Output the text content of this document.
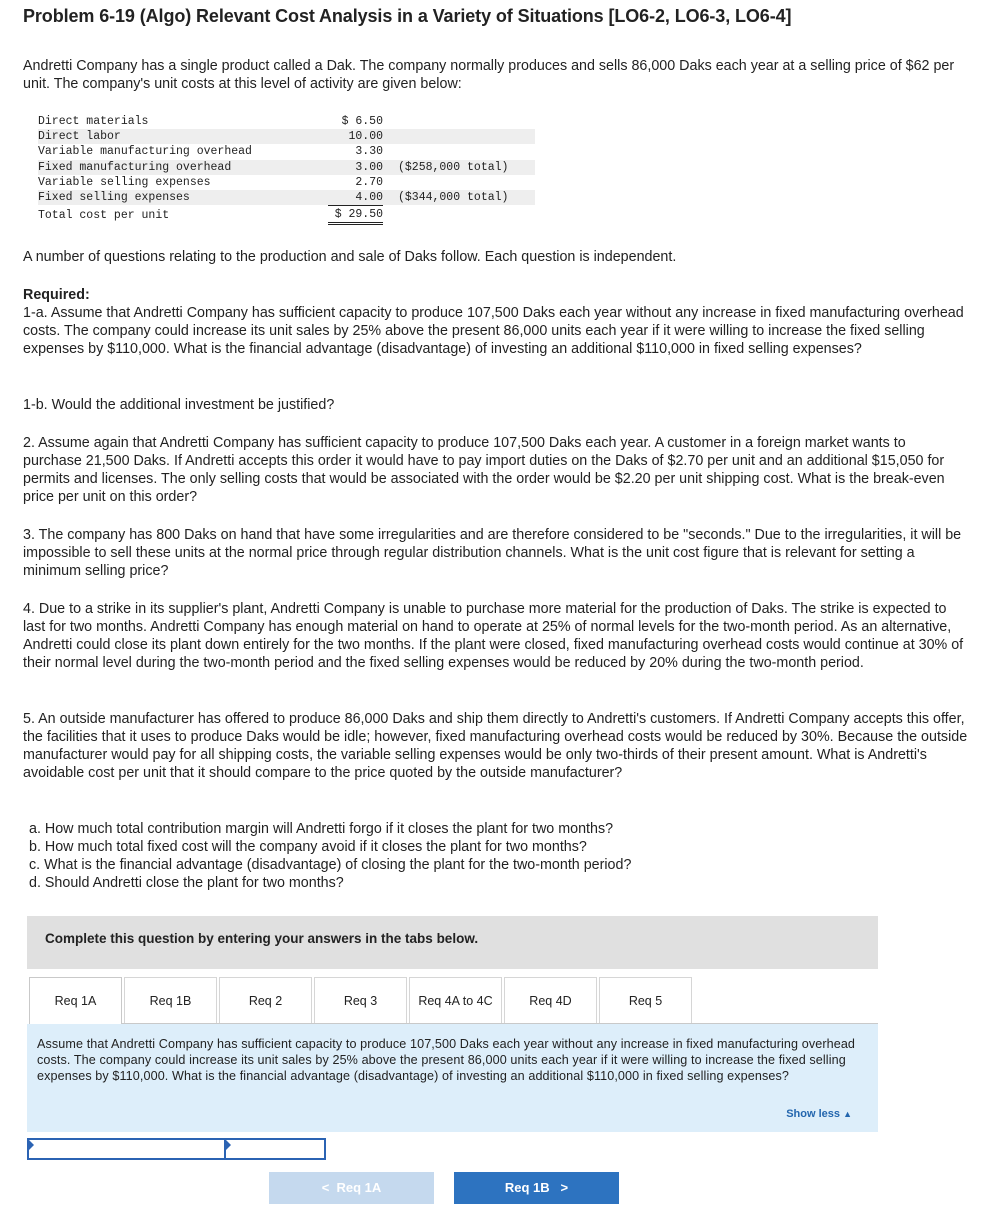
Problem 6-19 (Algo) Relevant Cost Analysis in a Variety of Situations [LO6-2, LO6-3, LO6-4]

Andretti Company has a single product called a Dak. The company normally produces and sells 86,000 Daks each year at a selling price of $62 per unit. The company's unit costs at this level of activity are given below:

Direct materials	$ 6.50
Direct labor	10.00
Variable manufacturing overhead	3.30
Fixed manufacturing overhead	3.00 ($258,000 total)
Variable selling expenses	2.70
Fixed selling expenses	4.00 ($344,000 total)
Total cost per unit	$ 29.50

A number of questions relating to the production and sale of Daks follow. Each question is independent.

Required:

1-a. Assume that Andretti Company has sufficient capacity to produce 107,500 Daks each year without any increase in fixed manufacturing overhead costs. The company could increase its unit sales by 25% above the present 86,000 units each year if it were willing to increase the fixed selling expenses by $110,000. What is the financial advantage (disadvantage) of investing an additional $110,000 in fixed selling expenses?

1-b. Would the additional investment be justified?

2. Assume again that Andretti Company has sufficient capacity to produce 107,500 Daks each year. A customer in a foreign market wants to purchase 21,500 Daks. If Andretti accepts this order it would have to pay import duties on the Daks of $2.70 per unit and an additional $15,050 for permits and licenses. The only selling costs that would be associated with the order would be $2.20 per unit shipping cost. What is the break-even price per unit on this order?

3. The company has 800 Daks on hand that have some irregularities and are therefore considered to be "seconds." Due to the irregularities, it will be impossible to sell these units at the normal price through regular distribution channels. What is the unit cost figure that is relevant for setting a minimum selling price?

4. Due to a strike in its supplier's plant, Andretti Company is unable to purchase more material for the production of Daks. The strike is expected to last for two months. Andretti Company has enough material on hand to operate at 25% of normal levels for the two-month period. As an alternative, Andretti could close its plant down entirely for the two months. If the plant were closed, fixed manufacturing overhead costs would continue at 30% of their normal level during the two-month period and the fixed selling expenses would be reduced by 20% during the two-month period.

5. An outside manufacturer has offered to produce 86,000 Daks and ship them directly to Andretti's customers. If Andretti Company accepts this offer, the facilities that it uses to produce Daks would be idle; however, fixed manufacturing overhead costs would be reduced by 30%. Because the outside manufacturer would pay for all shipping costs, the variable selling expenses would be only two-thirds of their present amount. What is Andretti's avoidable cost per unit that it should compare to the price quoted by the outside manufacturer?

a. How much total contribution margin will Andretti forgo if it closes the plant for two months?
b. How much total fixed cost will the company avoid if it closes the plant for two months?
c. What is the financial advantage (disadvantage) of closing the plant for the two-month period?
d. Should Andretti close the plant for two months?
Complete this question by entering your answers in the tabs below.
Req 1A	Req 1B	Req 2	Req 3	Req 4A to 4C	Req 4D	Req 5

Assume that Andretti Company has sufficient capacity to produce 107,500 Daks each year without any increase in fixed manufacturing overhead costs. The company could increase its unit sales by 25% above the present 86,000 units each year if it were willing to increase the fixed selling expenses by $110,000. What is the financial advantage (disadvantage) of investing an additional $110,000 in fixed selling expenses?

Show less ▲
< Req 1A	Req 1B >
